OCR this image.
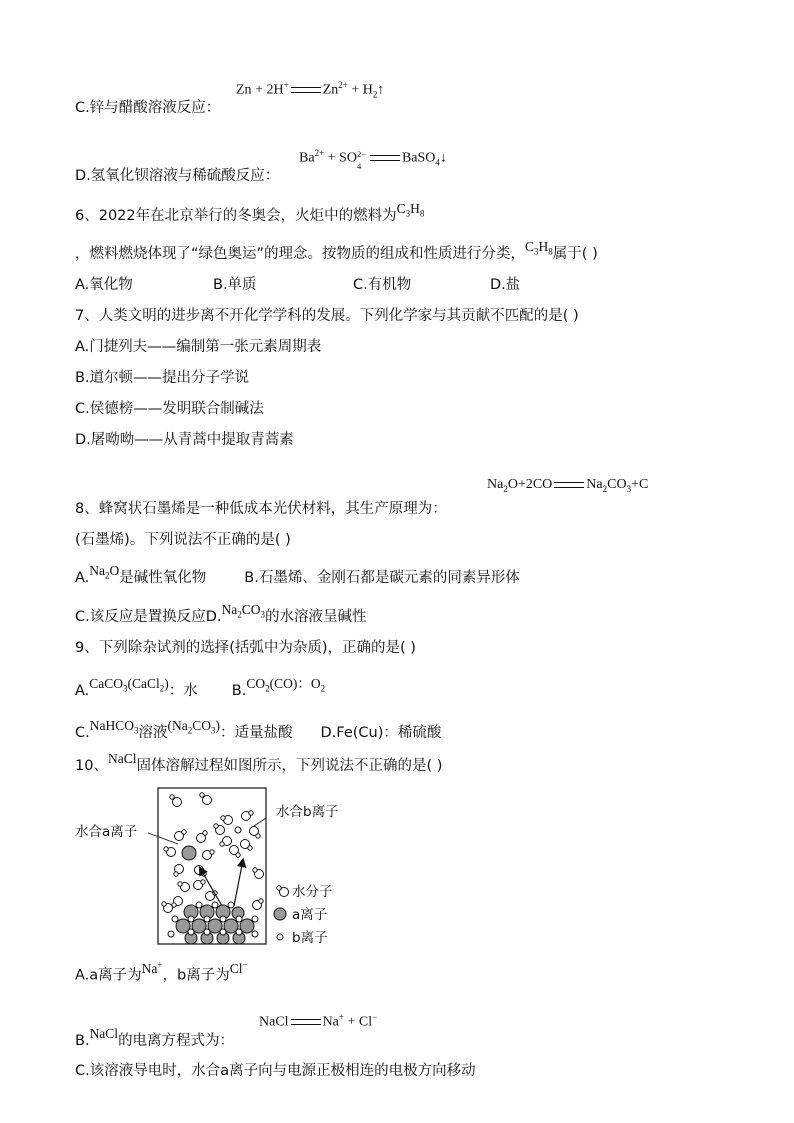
Zn + 2H+ $Zn^{2+}$ + $H_2↑$
C.锌与醋酸溶液反应：
$Ba^{2+}$ + SO 2−
4
BaSO$_4$↓
D.氢氧化钡溶液与稀硫酸反应：
6、2022年在北京举行的冬奥会，火炬中的燃料为$C_3H_8$
，燃料燃烧体现了“绿色奥运”的理念。按物质的组成和性质进行分类，$C_3H_8$属于( )
A.氧化物	B.单质	C.有机物	D.盐
7、人类文明的进步离不开化学学科的发展。下列化学家与其贡献不匹配的是( )
A.门捷列夫——编制第一张元素周期表
B.道尔顿——提出分子学说
C.侯德榜——发明联合制碱法
D.屠呦呦——从青蒿中提取青蒿素
$Na_2O+2CO$ $Na_2CO_3+C$
8、蜂窝状石墨烯是一种低成本光伏材料，其生产原理为：
(石墨烯)。下列说法不正确的是( )
$A.Na_2O$是碱性氧化物	B.石墨烯、金刚石都是碳元素的同素异形体
C.该反应是置换反应$D.Na_2CO_3$的水溶液呈碱性
9、下列除杂试剂的选择(括弧中为杂质)，正确的是( )
A.CaCO$_3$(CaCl$_2$)：水 $B.CO_2(CO)$：$O_2$
C.NaHCO$_3$溶液$(Na_2CO_3)$：适量盐酸 D.Fe(Cu)：稀硫酸
10、NaCl固体溶解过程如图所示，下列说法不正确的是( )
水合b离子
水合a离子
水分子
a离子
b离子
A.a离子为Na+，b离子为Cl−
NaCl Na+ + Cl−
B.NaCl的电离方程式为：
C.该溶液导电时，水合a离子向与电源正极相连的电极方向移动
